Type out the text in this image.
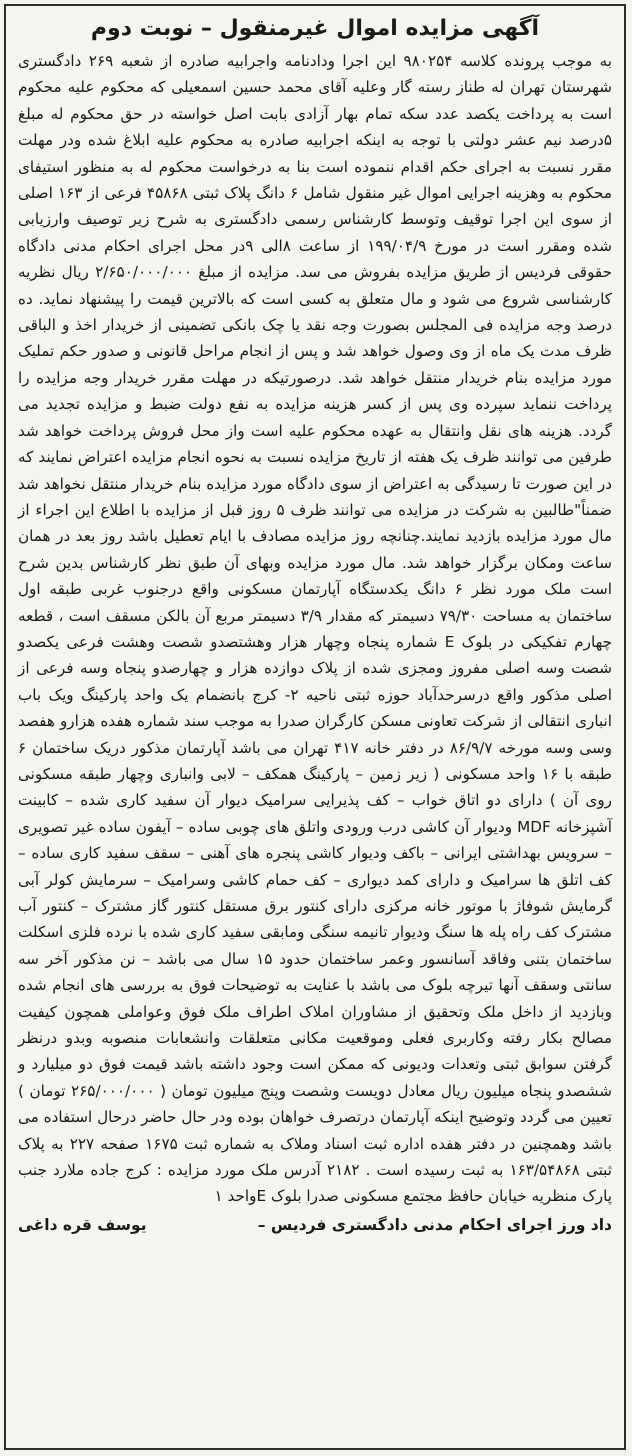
آگهی مزایده اموال غیرمنقول – نوبت دوم

به موجب پرونده کلاسه ۹۸۰۲۵۴ این اجرا ودادنامه واجرابیه صادره از شعبه ۲۶۹ دادگستری شهرستان تهران له طناز رسته گار وعلیه آقای محمد حسین اسمعیلی که محکوم علیه محکوم است به پرداخت یکصد عدد سکه تمام بهار آزادی بابت اصل خواسته در حق محکوم له مبلغ ۵درصد نیم عشر دولتی با توجه به اینکه اجرابیه صادره به محکوم علیه ابلاغ شده ودر مهلت مقرر نسبت به اجرای حکم اقدام ننموده است بنا به درخواست محکوم له به منظور استیفای محکوم به وهزینه اجرایی اموال غیر منقول شامل ۶ دانگ پلاک ثبتی ۴۵۸۶۸ فرعی از ۱۶۳ اصلی از سوی این اجرا توقیف وتوسط کارشناس رسمی دادگستری به شرح زیر توصیف وارزیابی شده ومقرر است در مورخ ۱۹۹/۰۴/۹ از ساعت ۸الی ۹در محل اجرای احکام مدنی دادگاه حقوقی فردیس از طریق مزایده بفروش می سد. مزایده از مبلغ ۲/۶۵۰/۰۰۰/۰۰۰ ریال نظریه کارشناسی شروع می شود و مال متعلق به کسی است که بالاترین قیمت را پیشنهاد نماید. ده درصد وجه مزایده فی المجلس بصورت وجه نقد یا چک بانکی تضمینی از خریدار اخذ و الباقی ظرف مدت یک ماه از وی وصول خواهد شد و پس از انجام مراحل قانونی و صدور حکم تملیک مورد مزایده بنام خریدار منتقل خواهد شد. درصورتیکه در مهلت مقرر خریدار وجه مزایده را پرداخت ننماید سپرده وی پس از کسر هزینه مزایده به نفع دولت ضبط و مزایده تجدید می گردد. هزینه های نقل وانتقال به عهده محکوم علیه است واز محل فروش پرداخت خواهد شد طرفین می توانند ظرف یک هفته از تاریخ مزایده نسبت به نحوه انجام مزایده اعتراض نمایند که در این صورت تا رسیدگی به اعتراض از سوی دادگاه مورد مزایده بنام خریدار منتقل نخواهد شد ضمناً"طالبین به شرکت در مزایده می توانند ظرف ۵ روز قبل از مزایده با اطلاع این اجراء از مال مورد مزایده بازدید نمایند.چنانچه روز مزایده مصادف با ایام تعطیل باشد روز بعد در همان ساعت ومکان برگزار خواهد شد. مال مورد مزایده وبهای آن طبق نظر کارشناس بدین شرح است ملک مورد نظر ۶ دانگ یکدستگاه آپارتمان مسکونی واقع درجنوب غربی طبقه اول ساختمان به مساحت ۷۹/۳۰ دسیمتر که مقدار ۳/۹ دسیمتر مربع آن بالکن مسقف است ، قطعه چهارم تفکیکی در بلوک E شماره پنجاه وچهار هزار وهشتصدو شصت وهشت فرعی یکصدو شصت وسه اصلی مفروز ومجزی شده از پلاک دوازده هزار و چهارصدو پنجاه وسه فرعی از اصلی مذکور واقع درسرحدآباد حوزه ثبتی ناحیه ۲- کرج بانضمام یک واحد پارکینگ ویک باب انباری انتقالی از شرکت تعاونی مسکن کارگران صدرا به موجب سند شماره هفده هزارو هفصد وسی وسه مورخه ۸۶/۹/۷ در دفتر خانه ۴۱۷ تهران می باشد آپارتمان مذکور دریک ساختمان ۶ طبقه با ۱۶ واحد مسکونی ( زیر زمین – پارکینگ همکف – لابی وانباری وچهار طبقه مسکونی روی آن ) دارای دو اتاق خواب – کف پذیرایی سرامیک دیوار آن سفید کاری شده – کابینت آشپزخانه MDF ودیوار آن کاشی درب ورودی واتلق های چوبی ساده – آیفون ساده غیر تصویری – سرویس بهداشتی ایرانی – باکف ودیوار کاشی پنجره های آهنی – سقف سفید کاری ساده – کف اتلق ها سرامیک و دارای کمد دیواری – کف حمام کاشی وسرامیک – سرمایش کولر آبی گرمایش شوفاژ با موتور خانه مرکزی دارای کنتور برق مستقل کنتور گاز مشترک – کنتور آب مشترک کف راه پله ها سنگ ودیوار تانیمه سنگی ومابقی سفید کاری شده با نرده فلزی اسکلت ساختمان بتنی وفاقد آسانسور وعمر ساختمان حدود ۱۵ سال می باشد – نن مذکور آخر سه سانتی وسقف آنها تیرچه بلوک می باشد با عنایت به توضیحات فوق به بررسی های انجام شده وبازدید از داخل ملک وتحقیق از مشاوران املاک اطراف ملک فوق وعواملی همچون کیفیت مصالح بکار رفته وکاربری فعلی وموقعیت مکانی متعلقات وانشعابات منصوبه وبدو درنظر گرفتن سوابق ثبتی وتعدات ودیونی که ممکن است وجود داشته باشد قیمت فوق دو میلیارد و ششصدو پنجاه میلیون ریال معادل دویست وشصت وپنج میلیون تومان ( ۲۶۵/۰۰۰/۰۰۰ تومان ) تعیین می گردد وتوضیح اینکه آپارتمان درتصرف خواهان بوده ودر حال حاضر درحال استفاده می باشد وهمچنین در دفتر هفده اداره ثبت اسناد وملاک به شماره ثبت ۱۶۷۵ صفحه ۲۲۷ به پلاک ثبتی ۱۶۳/۵۴۸۶۸ به ثبت رسیده است . ۲۱۸۲ آدرس ملک مورد مزایده : کرج جاده ملارد جنب پارک منظریه خیابان حافظ مجتمع مسکونی صدرا بلوک Eواحد ۱

داد ورز اجرای احکام مدنی دادگستری فردیس –
یوسف قره داغی
